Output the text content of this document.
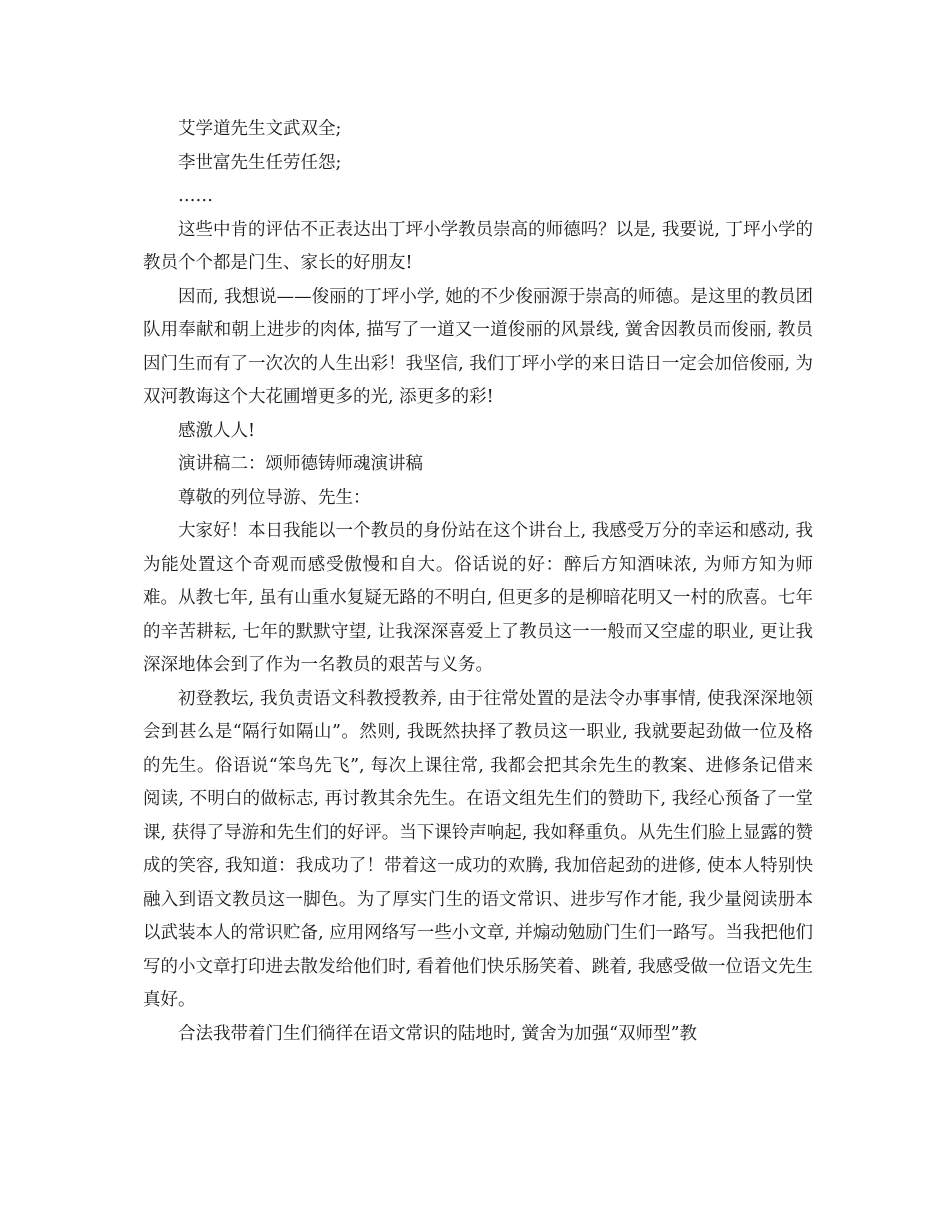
艾学道先生文武双全;

李世富先生任劳任怨;

……

这些中肯的评估不正表达出丁坪小学教员崇高的师德吗？以是, 我要说, 丁坪小学的教员个个都是门生、家长的好朋友!

因而, 我想说——俊丽的丁坪小学, 她的不少俊丽源于崇高的师德。是这里的教员团队用奉献和朝上进步的肉体, 描写了一道又一道俊丽的风景线, 黉舍因教员而俊丽, 教员因门生而有了一次次的人生出彩！我坚信, 我们丁坪小学的来日诰日一定会加倍俊丽, 为双河教诲这个大花圃增更多的光, 添更多的彩!

感激人人!

演讲稿二：颂师德铸师魂演讲稿

尊敬的列位导游、先生：

大家好！本日我能以一个教员的身份站在这个讲台上, 我感受万分的幸运和感动, 我为能处置这个奇观而感受傲慢和自大。俗话说的好：醉后方知酒味浓, 为师方知为师难。从教七年, 虽有山重水复疑无路的不明白, 但更多的是柳暗花明又一村的欣喜。七年的辛苦耕耘, 七年的默默守望, 让我深深喜爱上了教员这一一般而又空虚的职业, 更让我深深地体会到了作为一名教员的艰苦与义务。

初登教坛, 我负责语文科教授教养, 由于往常处置的是法令办事事情, 使我深深地领会到甚么是“隔行如隔山”。然则, 我既然抉择了教员这一职业, 我就要起劲做一位及格的先生。俗语说“笨鸟先飞”, 每次上课往常, 我都会把其余先生的教案、进修条记借来阅读, 不明白的做标志, 再讨教其余先生。在语文组先生们的赞助下, 我经心预备了一堂课, 获得了导游和先生们的好评。当下课铃声响起, 我如释重负。从先生们脸上显露的赞成的笑容, 我知道：我成功了！带着这一成功的欢腾, 我加倍起劲的进修, 使本人特别快融入到语文教员这一脚色。为了厚实门生的语文常识、进步写作才能, 我少量阅读册本以武装本人的常识贮备, 应用网络写一些小文章, 并煽动勉励门生们一路写。当我把他们写的小文章打印进去散发给他们时, 看着他们快乐肠笑着、跳着, 我感受做一位语文先生真好。

合法我带着门生们徜徉在语文常识的陆地时, 黉舍为加强“双师型”教
